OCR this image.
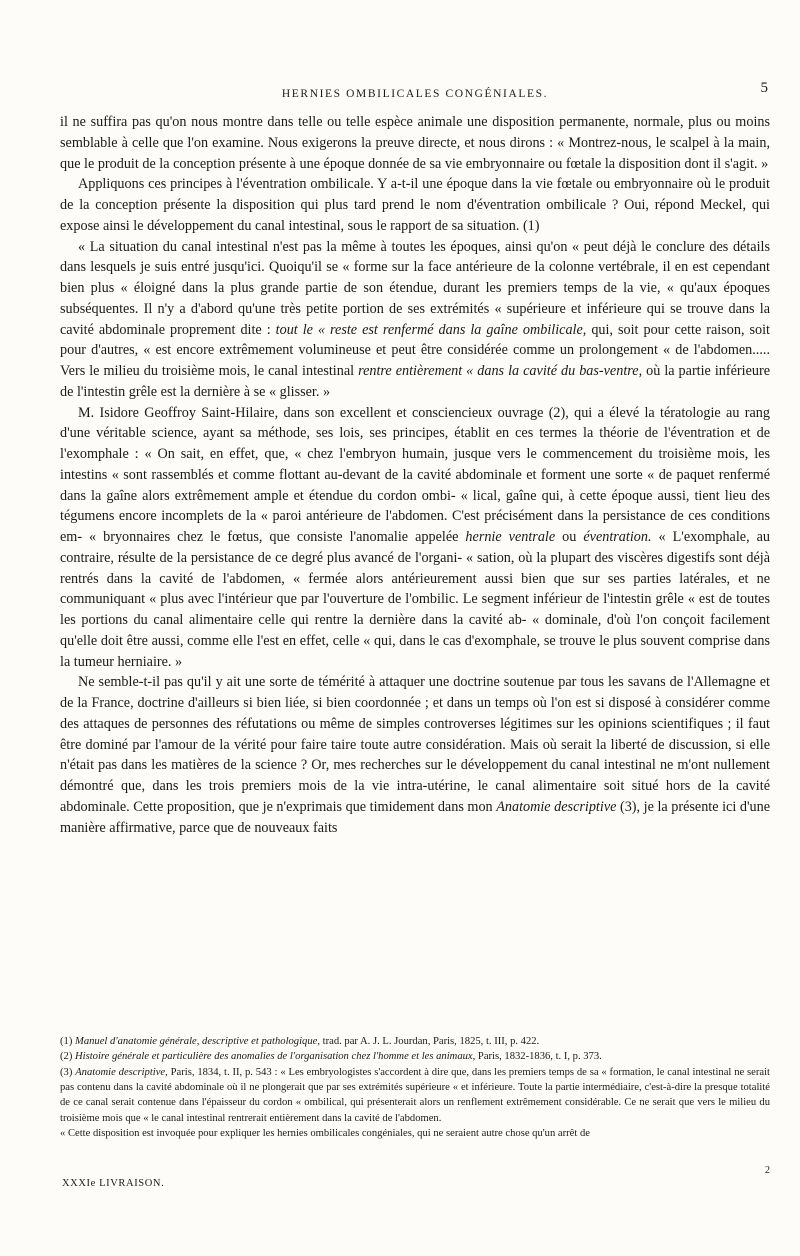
HERNIES OMBILICALES CONGÉNIALES.	5

il ne suffira pas qu'on nous montre dans telle ou telle espèce animale une disposition permanente, normale, plus ou moins semblable à celle que l'on examine. Nous exigerons la preuve directe, et nous dirons : « Montrez-nous, le scalpel à la main, que le produit de la conception présente à une époque donnée de sa vie embryonnaire ou fœtale la disposition dont il s'agit. »

Appliquons ces principes à l'éventration ombilicale. Y a-t-il une époque dans la vie fœtale ou embryonnaire où le produit de la conception présente la disposition qui plus tard prend le nom d'éventration ombilicale ? Oui, répond Meckel, qui expose ainsi le développement du canal intestinal, sous le rapport de sa situation. (1)

« La situation du canal intestinal n'est pas la même à toutes les époques, ainsi qu'on « peut déjà le conclure des détails dans lesquels je suis entré jusqu'ici. Quoiqu'il se « forme sur la face antérieure de la colonne vertébrale, il en est cependant bien plus « éloigné dans la plus grande partie de son étendue, durant les premiers temps de la vie, « qu'aux époques subséquentes. Il n'y a d'abord qu'une très petite portion de ses extrémités « supérieure et inférieure qui se trouve dans la cavité abdominale proprement dite : tout le « reste est renfermé dans la gaîne ombilicale, qui, soit pour cette raison, soit pour d'autres, « est encore extrêmement volumineuse et peut être considérée comme un prolongement « de l'abdomen..... Vers le milieu du troisième mois, le canal intestinal rentre entièrement « dans la cavité du bas-ventre, où la partie inférieure de l'intestin grêle est la dernière à se « glisser. »

M. Isidore Geoffroy Saint-Hilaire, dans son excellent et consciencieux ouvrage (2), qui a élevé la tératologie au rang d'une véritable science, ayant sa méthode, ses lois, ses principes, établit en ces termes la théorie de l'éventration et de l'exomphale : « On sait, en effet, que, « chez l'embryon humain, jusque vers le commencement du troisième mois, les intestins « sont rassemblés et comme flottant au-devant de la cavité abdominale et forment une sorte « de paquet renfermé dans la gaîne alors extrêmement ample et étendue du cordon ombi- « lical, gaîne qui, à cette époque aussi, tient lieu des tégumens encore incomplets de la « paroi antérieure de l'abdomen. C'est précisément dans la persistance de ces conditions em- « bryonnaires chez le fœtus, que consiste l'anomalie appelée hernie ventrale ou éventration. « L'exomphale, au contraire, résulte de la persistance de ce degré plus avancé de l'organi- « sation, où la plupart des viscères digestifs sont déjà rentrés dans la cavité de l'abdomen, « fermée alors antérieurement aussi bien que sur ses parties latérales, et ne communiquant « plus avec l'intérieur que par l'ouverture de l'ombilic. Le segment inférieur de l'intestin grêle « est de toutes les portions du canal alimentaire celle qui rentre la dernière dans la cavité ab- « dominale, d'où l'on conçoit facilement qu'elle doit être aussi, comme elle l'est en effet, celle « qui, dans le cas d'exomphale, se trouve le plus souvent comprise dans la tumeur herniaire. »

Ne semble-t-il pas qu'il y ait une sorte de témérité à attaquer une doctrine soutenue par tous les savans de l'Allemagne et de la France, doctrine d'ailleurs si bien liée, si bien coordonnée ; et dans un temps où l'on est si disposé à considérer comme des attaques de personnes des réfutations ou même de simples controverses légitimes sur les opinions scientifiques ; il faut être dominé par l'amour de la vérité pour faire taire toute autre considération. Mais où serait la liberté de discussion, si elle n'était pas dans les matières de la science ? Or, mes recherches sur le développement du canal intestinal ne m'ont nullement démontré que, dans les trois premiers mois de la vie intra-utérine, le canal alimentaire soit situé hors de la cavité abdominale. Cette proposition, que je n'exprimais que timidement dans mon Anatomie descriptive (3), je la présente ici d'une manière affirmative, parce que de nouveaux faits

(1) Manuel d'anatomie générale, descriptive et pathologique, trad. par A. J. L. Jourdan, Paris, 1825, t. III, p. 422.

(2) Histoire générale et particulière des anomalies de l'organisation chez l'homme et les animaux, Paris, 1832-1836, t. I, p. 373.

(3) Anatomie descriptive, Paris, 1834, t. II, p. 543 : « Les embryologistes s'accordent à dire que, dans les premiers temps de sa « formation, le canal intestinal ne serait pas contenu dans la cavité abdominale où il ne plongerait que par ses extrémités supérieure « et inférieure. Toute la partie intermédiaire, c'est-à-dire la presque totalité de ce canal serait contenue dans l'épaisseur du cordon « ombilical, qui présenterait alors un renflement extrêmement considérable. Ce ne serait que vers le milieu du troisième mois que « le canal intestinal rentrerait entièrement dans la cavité de l'abdomen.

« Cette disposition est invoquée pour expliquer les hernies ombilicales congéniales, qui ne seraient autre chose qu'un arrêt de

2
XXXIe LIVRAISON.
